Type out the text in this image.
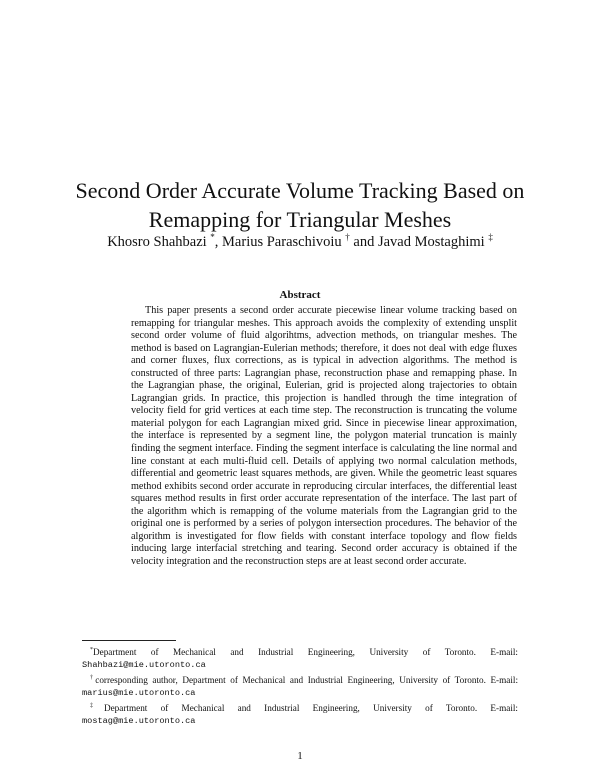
Second Order Accurate Volume Tracking Based on
Remapping for Triangular Meshes
Khosro Shahbazi *, Marius Paraschivoiu † and Javad Mostaghimi ‡
Abstract

This paper presents a second order accurate piecewise linear volume tracking based on remapping for triangular meshes. This approach avoids the complexity of extending unsplit second order volume of fluid algorihtms, advection methods, on triangular meshes. The method is based on Lagrangian-Eulerian methods; therefore, it does not deal with edge fluxes and corner fluxes, flux corrections, as is typical in advection algorithms. The method is constructed of three parts: Lagrangian phase, reconstruction phase and remapping phase. In the Lagrangian phase, the original, Eulerian, grid is projected along trajectories to obtain Lagrangian grids. In practice, this projection is handled through the time integration of velocity field for grid vertices at each time step. The reconstruction is truncating the volume material polygon for each Lagrangian mixed grid. Since in piecewise linear approximation, the interface is represented by a segment line, the polygon material truncation is mainly finding the segment interface. Finding the segment interface is calculating the line normal and line constant at each multi-fluid cell. Details of applying two normal calculation methods, differential and geometric least squares methods, are given. While the geometric least squares method exhibits second order accurate in reproducing circular interfaces, the differential least squares method results in first order accurate representation of the interface. The last part of the algorithm which is remapping of the volume materials from the Lagrangian grid to the original one is performed by a series of polygon intersection procedures. The behavior of the algorithm is investigated for flow fields with constant interface topology and flow fields inducing large interfacial stretching and tearing. Second order accuracy is obtained if the velocity integration and the reconstruction steps are at least second order accurate.

*Department of Mechanical and Industrial Engineering, University of Toronto. E-mail: Shahbazi@mie.utoronto.ca

†corresponding author, Department of Mechanical and Industrial Engineering, University of Toronto. E-mail: marius@mie.utoronto.ca

‡Department of Mechanical and Industrial Engineering, University of Toronto. E-mail: mostag@mie.utoronto.ca

1
